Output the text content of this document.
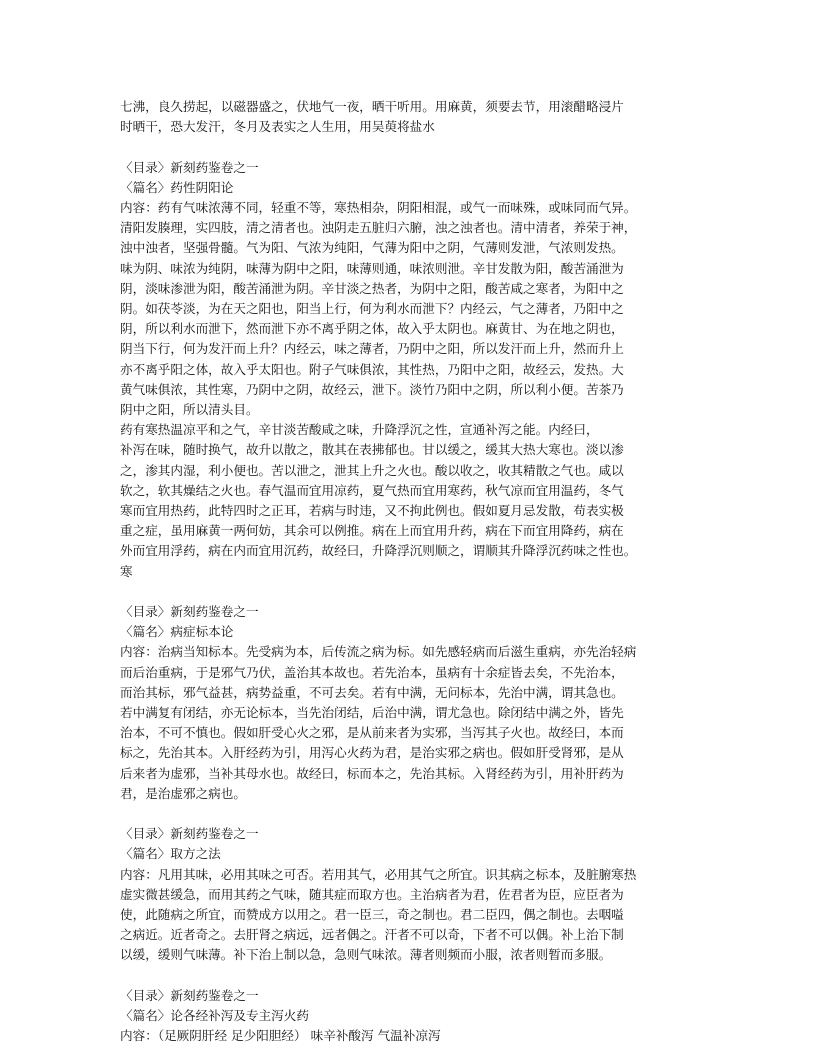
七沸，良久捞起，以磁器盛之，伏地气一夜，晒干听用。用麻黄，须要去节，用滚醋略浸片
时晒干，恐大发汗，冬月及表实之人生用，用吴萸将盐水
〈目录〉新刻药鉴卷之一
〈篇名〉药性阴阳论
内容：药有气味浓薄不同，轻重不等，寒热相杂，阴阳相混，或气一而味殊，或味同而气异。
清阳发腠理，实四肢，清之清者也。浊阴走五脏归六腑，浊之浊者也。清中清者，养荣于神，
浊中浊者，坚强骨髓。气为阳、气浓为纯阳，气薄为阳中之阴，气薄则发泄，气浓则发热。
味为阴、味浓为纯阴，味薄为阴中之阳，味薄则通，味浓则泄。辛甘发散为阳，酸苦涌泄为
阴，淡味渗泄为阳，酸苦涌泄为阴。辛甘淡之热者，为阴中之阳，酸苦咸之寒者，为阳中之
阴。如茯苓淡，为在天之阳也，阳当上行，何为利水而泄下？内经云，气之薄者，乃阳中之
阴，所以利水而泄下，然而泄下亦不离乎阴之体，故入乎太阴也。麻黄甘、为在地之阴也，
阴当下行，何为发汗而上升？内经云，味之薄者，乃阴中之阳，所以发汗而上升，然而升上
亦不离乎阳之体，故入乎太阳也。附子气味俱浓，其性热，乃阳中之阳，故经云，发热。大
黄气味俱浓，其性寒，乃阴中之阴，故经云，泄下。淡竹乃阳中之阴，所以利小便。苦茶乃
阴中之阳，所以清头目。
药有寒热温凉平和之气，辛甘淡苦酸咸之味，升降浮沉之性，宣通补泻之能。内经曰，
补泻在味，随时换气，故升以散之，散其在表拂郁也。甘以缓之，缓其大热大寒也。淡以渗
之，渗其内湿，利小便也。苦以泄之，泄其上升之火也。酸以收之，收其精散之气也。咸以
软之，软其燥结之火也。春气温而宜用凉药，夏气热而宜用寒药，秋气凉而宜用温药，冬气
寒而宜用热药，此特四时之正耳，若病与时违，又不拘此例也。假如夏月忌发散，苟表实极
重之症，虽用麻黄一两何妨，其余可以例推。病在上而宜用升药，病在下而宜用降药，病在
外而宜用浮药，病在内而宜用沉药，故经曰，升降浮沉则顺之，谓顺其升降浮沉药味之性也。
寒
〈目录〉新刻药鉴卷之一
〈篇名〉病症标本论
内容：治病当知标本。先受病为本，后传流之病为标。如先感轻病而后滋生重病，亦先治轻病
而后治重病，于是邪气乃伏，盖治其本故也。若先治本，虽病有十余症皆去矣，不先治本，
而治其标，邪气益甚，病势益重，不可去矣。若有中满，无问标本，先治中满，谓其急也。
若中满复有闭结，亦无论标本，当先治闭结，后治中满，谓尤急也。除闭结中满之外，皆先
治本，不可不慎也。假如肝受心火之邪，是从前来者为实邪，当泻其子火也。故经曰，本而
标之，先治其本。入肝经药为引，用泻心火药为君，是治实邪之病也。假如肝受肾邪，是从
后来者为虚邪，当补其母水也。故经曰，标而本之，先治其标。入肾经药为引，用补肝药为
君，是治虚邪之病也。
〈目录〉新刻药鉴卷之一
〈篇名〉取方之法
内容：凡用其味，必用其味之可否。若用其气，必用其气之所宜。识其病之标本，及脏腑寒热
虚实微甚缓急，而用其药之气味，随其症而取方也。主治病者为君，佐君者为臣，应臣者为
使，此随病之所宜，而赞成方以用之。君一臣三，奇之制也。君二臣四，偶之制也。去咽嗌
之病近。近者奇之。去肝肾之病远，远者偶之。汗者不可以奇，下者不可以偶。补上治下制
以缓，缓则气味薄。补下治上制以急，急则气味浓。薄者则频而小服，浓者则暂而多服。
〈目录〉新刻药鉴卷之一
〈篇名〉论各经补泻及专主泻火药
内容：（足厥阴肝经 足少阳胆经） 味辛补酸泻 气温补凉泻
